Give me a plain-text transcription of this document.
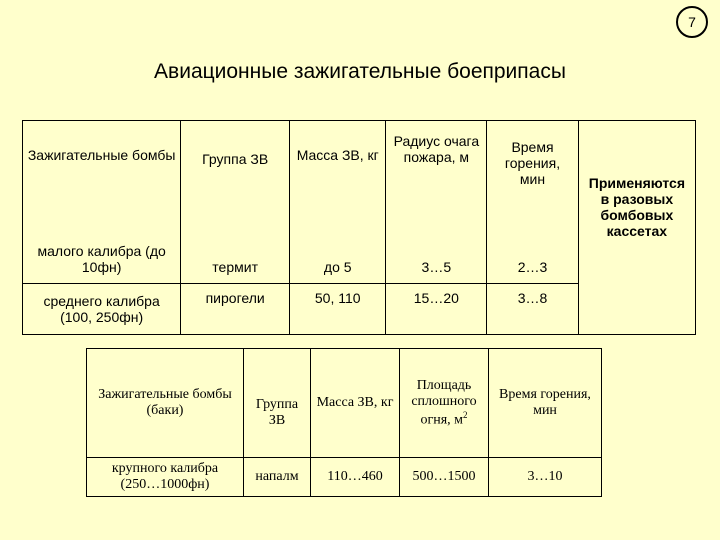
7
Авиационные зажигательные боеприпасы
Зажигательные бомбы	Группа ЗВ	Масса ЗВ, кг	Радиус очага пожара, м	Время горения, мин	Применяются в разовых бомбовых кассетах
малого калибра (до 10фн)	термит	до 5	3…5	2…3	
среднего калибра (100, 250фн)	пирогели	50, 110	15…20	3…8	
Зажигательные бомбы (баки)	Группа ЗВ	Масса ЗВ, кг	Площадь сплошного огня, $м^2$	Время горения, мин
крупного калибра (250…1000фн)	напалм	110…460	500…1500	3…10
